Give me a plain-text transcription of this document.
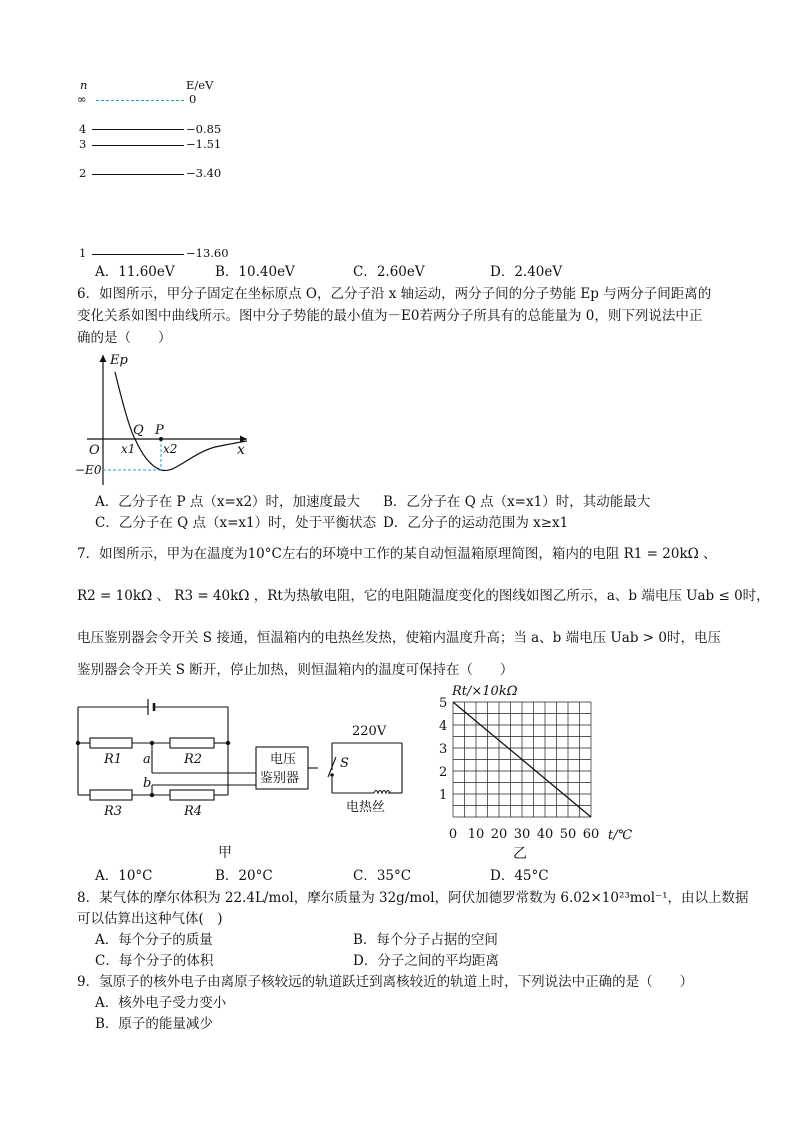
n	E/eV
∞	0
4	−0.85
3	−1.51
2	−3.40
1	−13.60
A．11.60eV	B．10.40eV	C．2.60eV	D．2.40eV
6．如图所示，甲分子固定在坐标原点 O，乙分子沿 x 轴运动，两分子间的分子势能 Ep 与两分子间距离的
变化关系如图中曲线所示。图中分子势能的最小值为－E0若两分子所具有的总能量为 0，则下列说法中正
确的是（　　）
Ep
x
O
Q P
x1 x2
−E0
A．乙分子在 P 点（x=x2）时，加速度最大 B．乙分子在 Q 点（x=x1）时，其动能最大
C．乙分子在 Q 点（x=x1）时，处于平衡状态 D．乙分子的运动范围为 x≥x1
7．如图所示，甲为在温度为10°C左右的环境中工作的某自动恒温箱原理简图，箱内的电阻 R1 = 20kΩ 、
R2 = 10kΩ 、 R3 = 40kΩ ，Rt为热敏电阻，它的电阻随温度变化的图线如图乙所示，a、b 端电压 Uab ≤ 0时，
电压鉴别器会令开关 S 接通，恒温箱内的电热丝发热，使箱内温度升高；当 a、b 端电压 Uab > 0时，电压
鉴别器会令开关 S 断开，停止加热，则恒温箱内的温度可保持在（　　）
R1	R2
R3	R4
a
b
电压
鉴别器
220V
S
电热丝
甲
1
2
3
4
5
0 10 20 30 40 50 60
Rt/×10kΩ
t/℃
乙
A．10°C	B．20°C	C．35°C	D．45°C
8．某气体的摩尔体积为 22.4L/mol，摩尔质量为 32g/mol，阿伏加德罗常数为 6.02×10²³mol⁻¹，由以上数据
可以估算出这种气体(　)
A．每个分子的质量	B．每个分子占据的空间
C．每个分子的体积	D．分子之间的平均距离
9．氢原子的核外电子由离原子核较远的轨道跃迁到离核较近的轨道上时，下列说法中正确的是（　　）
A．核外电子受力变小
B．原子的能量减少
